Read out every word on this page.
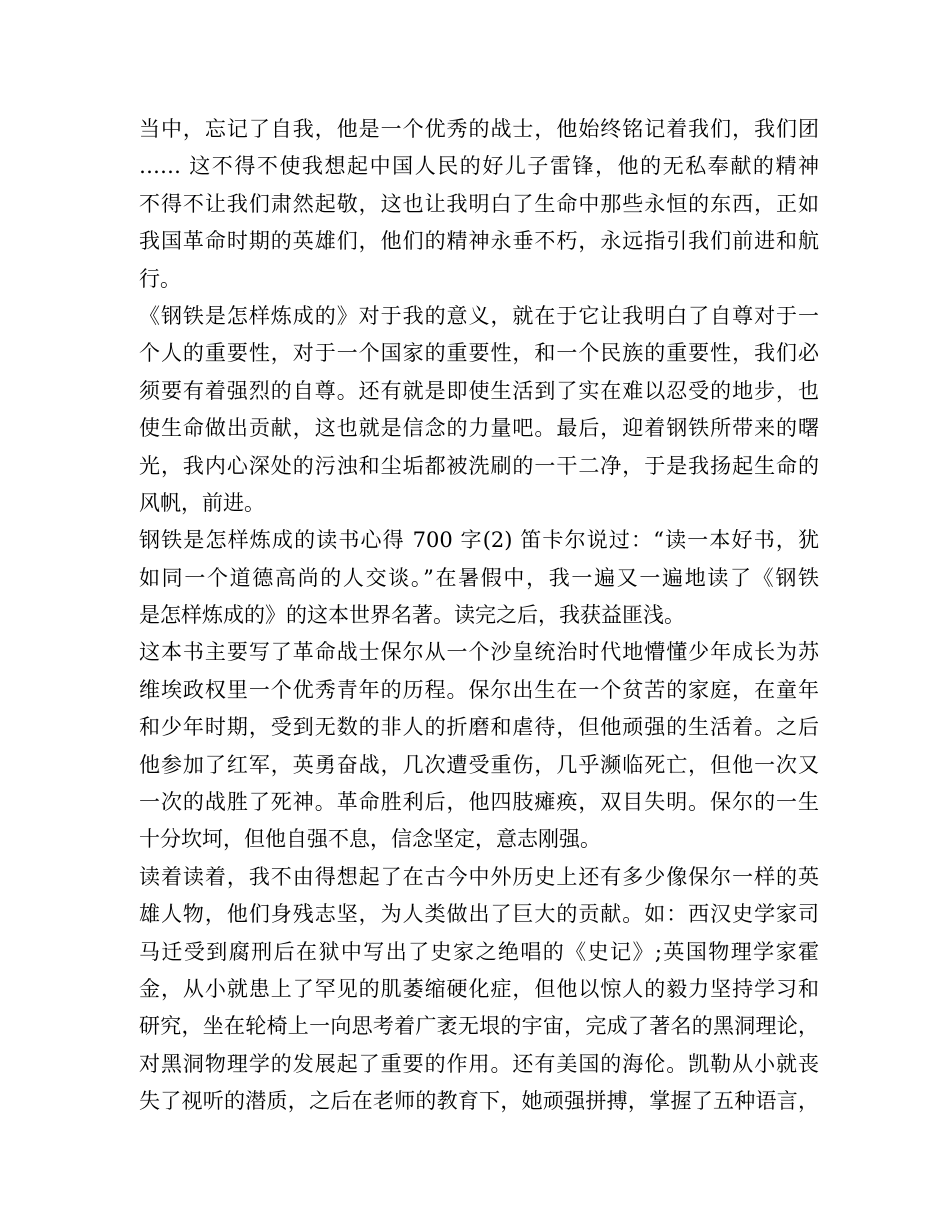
当中，忘记了自我，他是一个优秀的战士，他始终铭记着我们，我们团
…… 这不得不使我想起中国人民的好儿子雷锋，他的无私奉献的精神
不得不让我们肃然起敬，这也让我明白了生命中那些永恒的东西，正如
我国革命时期的英雄们，他们的精神永垂不朽，永远指引我们前进和航
行。
《钢铁是怎样炼成的》对于我的意义，就在于它让我明白了自尊对于一
个人的重要性，对于一个国家的重要性，和一个民族的重要性，我们必
须要有着强烈的自尊。还有就是即使生活到了实在难以忍受的地步，也
使生命做出贡献，这也就是信念的力量吧。最后，迎着钢铁所带来的曙
光，我内心深处的污浊和尘垢都被洗刷的一干二净，于是我扬起生命的
风帆，前进。
钢铁是怎样炼成的读书心得 700 字(2) 笛卡尔说过：“读一本好书，犹
如同一个道德高尚的人交谈。”在暑假中，我一遍又一遍地读了《钢铁
是怎样炼成的》的这本世界名著。读完之后，我获益匪浅。
这本书主要写了革命战士保尔从一个沙皇统治时代地懵懂少年成长为苏
维埃政权里一个优秀青年的历程。保尔出生在一个贫苦的家庭，在童年
和少年时期，受到无数的非人的折磨和虐待，但他顽强的生活着。之后
他参加了红军，英勇奋战，几次遭受重伤，几乎濒临死亡，但他一次又
一次的战胜了死神。革命胜利后，他四肢瘫痪，双目失明。保尔的一生
十分坎坷，但他自强不息，信念坚定，意志刚强。
读着读着，我不由得想起了在古今中外历史上还有多少像保尔一样的英
雄人物，他们身残志坚，为人类做出了巨大的贡献。如：西汉史学家司
马迁受到腐刑后在狱中写出了史家之绝唱的《史记》;英国物理学家霍
金，从小就患上了罕见的肌萎缩硬化症，但他以惊人的毅力坚持学习和
研究，坐在轮椅上一向思考着广袤无垠的宇宙，完成了著名的黑洞理论，
对黑洞物理学的发展起了重要的作用。还有美国的海伦。凯勒从小就丧
失了视听的潜质，之后在老师的教育下，她顽强拼搏，掌握了五种语言，
